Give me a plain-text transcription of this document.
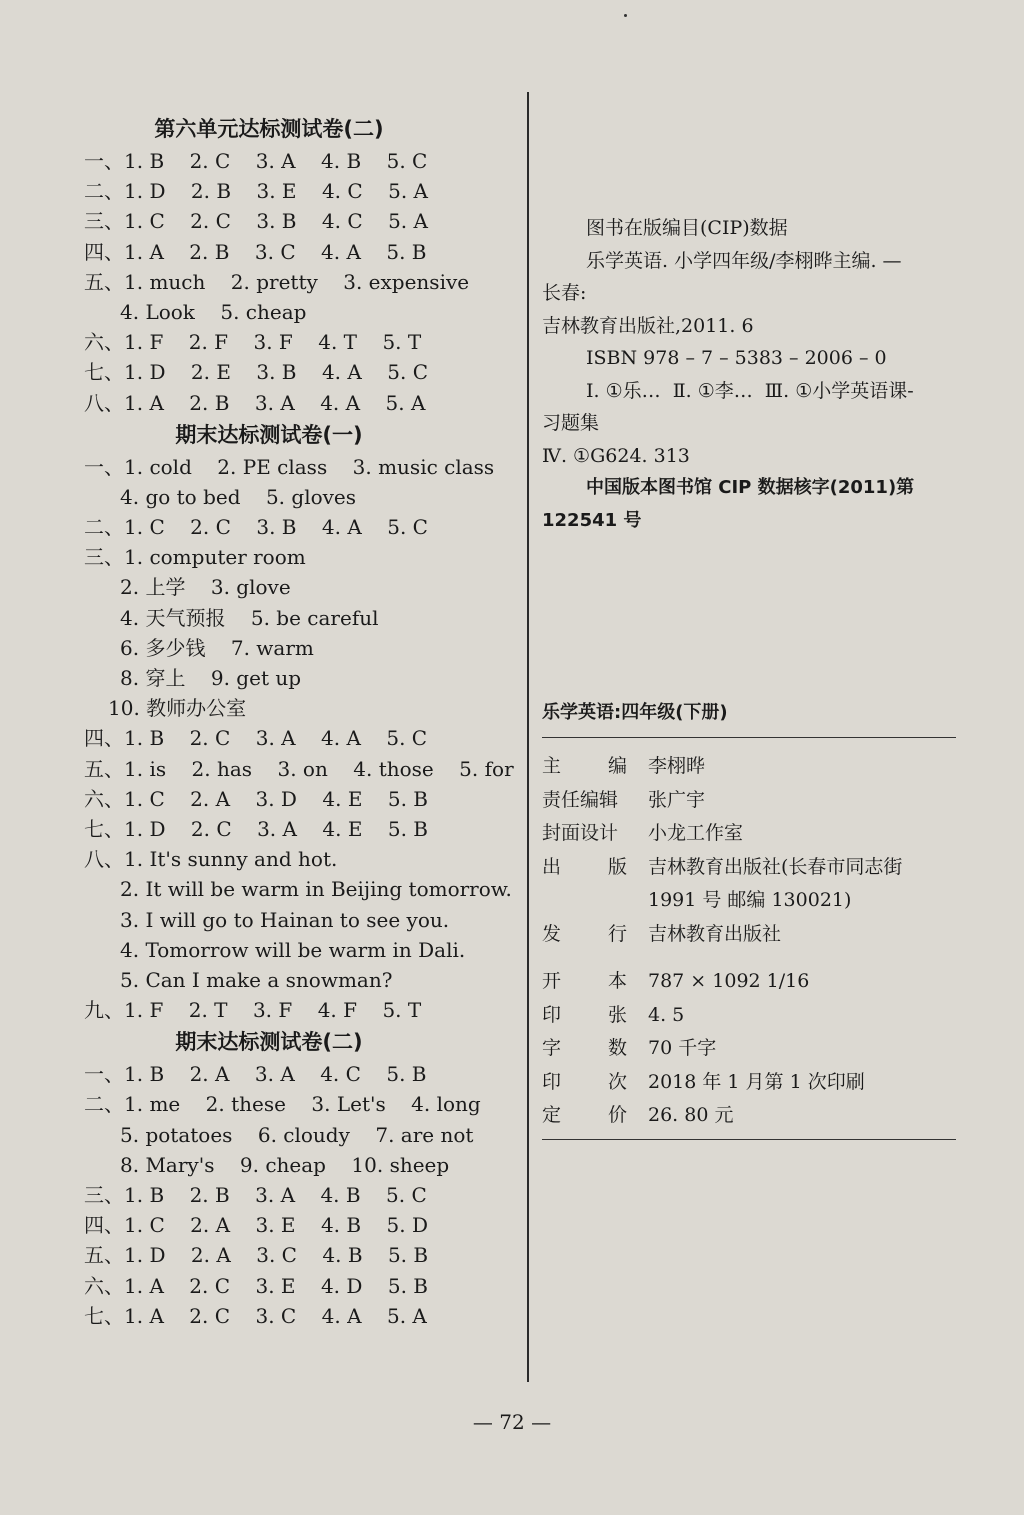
第六单元达标测试卷(二)
一、1. B    2. C    3. A    4. B    5. C
二、1. D    2. B    3. E    4. C    5. A
三、1. C    2. C    3. B    4. C    5. A
四、1. A    2. B    3. C    4. A    5. B
五、1. much    2. pretty    3. expensive
4. Look    5. cheap
六、1. F    2. F    3. F    4. T    5. T
七、1. D    2. E    3. B    4. A    5. C
八、1. A    2. B    3. A    4. A    5. A
期末达标测试卷(一)
一、1. cold    2. PE class    3. music class
4. go to bed    5. gloves
二、1. C    2. C    3. B    4. A    5. C
三、1. computer room
2. 上学    3. glove
4. 天气预报    5. be careful
6. 多少钱    7. warm
8. 穿上    9. get up
10. 教师办公室
四、1. B    2. C    3. A    4. A    5. C
五、1. is    2. has    3. on    4. those    5. for
六、1. C    2. A    3. D    4. E    5. B
七、1. D    2. C    3. A    4. E    5. B
八、1. It's sunny and hot.
2. It will be warm in Beijing tomorrow.
3. I will go to Hainan to see you.
4. Tomorrow will be warm in Dali.
5. Can I make a snowman?
九、1. F    2. T    3. F    4. F    5. T
期末达标测试卷(二)
一、1. B    2. A    3. A    4. C    5. B
二、1. me    2. these    3. Let's    4. long
5. potatoes    6. cloudy    7. are not
8. Mary's    9. cheap    10. sheep
三、1. B    2. B    3. A    4. B    5. C
四、1. C    2. A    3. E    4. B    5. D
五、1. D    2. A    3. C    4. B    5. B
六、1. A    2. C    3. E    4. D    5. B
七、1. A    2. C    3. C    4. A    5. A
图书在版编目(CIP)数据
乐学英语. 小学四年级/李栩晔主编. —
长春:
吉林教育出版社,2011. 6
ISBN 978 – 7 – 5383 – 2006 – 0
Ⅰ. ①乐…  Ⅱ. ①李…  Ⅲ. ①小学英语课-
习题集
Ⅳ. ①G624. 313
中国版本图书馆 CIP 数据核字(2011)第
122541 号
乐学英语:四年级(下册)
主	编	李栩晔
责任编辑	张广宇
封面设计	小龙工作室
出	版	吉林教育出版社(长春市同志街
1991 号 邮编 130021)
发	行	吉林教育出版社
开	本	787 × 1092 1/16
印	张	4. 5
字	数	70 千字
印	次	2018 年 1 月第 1 次印刷
定	价	26. 80 元
— 72 —
